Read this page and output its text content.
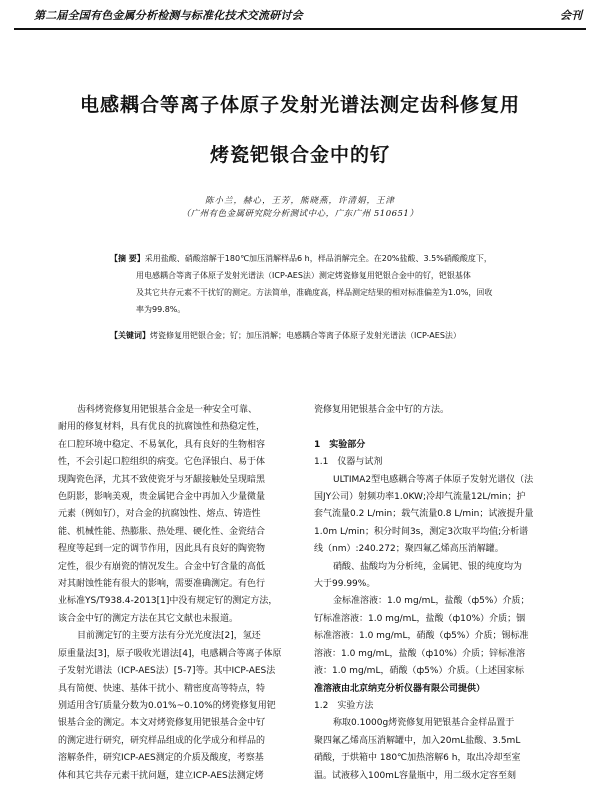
第二届全国有色金属分析检测与标准化技术交流研讨会	会刊
电感耦合等离子体原子发射光谱法测定齿科修复用
烤瓷钯银合金中的钌
陈小兰，赫心，王芳，熊晓燕，许清娟，王津
（广州有色金属研究院分析测试中心，广东广州 510651）
【摘 要】采用盐酸、硝酸溶解于180℃加压消解样品6 h，样品消解完全。在20%盐酸、3.5%硝酸酸度下，
用电感耦合等离子体原子发射光谱法（ICP-AES法）测定烤瓷修复用钯银合金中的钌，钯银基体
及其它共存元素不干扰钌的测定。方法简单，准确度高，样品测定结果的相对标准偏差为1.0%，回收
率为99.8%。
【关键词】烤瓷修复用钯银合金；钌；加压消解；电感耦合等离子体原子发射光谱法（ICP-AES法）

齿科烤瓷修复用钯银基合金是一种安全可靠、

耐用的修复材料，具有优良的抗腐蚀性和热稳定性，

在口腔环境中稳定、不易氧化，具有良好的生物相容

性，不会引起口腔组织的病变。它色泽银白、易于体

现陶瓷色泽，尤其不致使瓷牙与牙龈接触处呈现暗黑

色阴影，影响美观，贵金属钯合金中再加入少量微量

元素（例如钌），对合金的抗腐蚀性、熔点、铸造性

能、机械性能、热膨胀、热处理、硬化性、金瓷结合

程度等起到一定的调节作用，因此具有良好的陶瓷物

定性，很少有崩瓷的情况发生。合金中钌含量的高低

对其耐蚀性能有很大的影响，需要准确测定。有色行

业标准YS/T938.4-2013[1]中没有规定钌的测定方法，

该合金中钌的测定方法在其它文献也未报道。

目前测定钌的主要方法有分光光度法[2]，氢还

原重量法[3]，原子吸收光谱法[4]，电感耦合等离子体原

子发射光谱法（ICP-AES法）[5-7]等。其中ICP-AES法

具有简便、快速、基体干扰小、精密度高等特点，特

别适用含钌质量分数为0.01%~0.10%的烤瓷修复用钯

银基合金的测定。本文对烤瓷修复用钯银基合金中钌

的测定进行研究，研究样品组成的化学成分和样品的

溶解条件，研究ICP-AES测定的介质及酸度，考察基

体和其它共存元素干扰问题，建立ICP-AES法测定烤

瓷修复用钯银基合金中钌的方法。

1　实验部分

1.1　仪器与试剂

ULTIMA2型电感耦合等离子体原子发射光谱仪（法

国JY公司）射频功率1.0KW;冷却气流量12L/min；护

套气流量0.2 L/min；载气流量0.8 L/min；试液提升量

1.0m L/min；积分时间3s，测定3次取平均值;分析谱

线（nm）:240.272；聚四氟乙烯高压消解罐。

硝酸、盐酸均为分析纯，金属钯、银的纯度均为

大于99.99%。

金标准溶液：1.0 mg/mL，盐酸（ф5%）介质；

钌标准溶液：1.0 mg/mL，盐酸（ф10%）介质；铟

标准溶液：1.0 mg/mL，硝酸（ф5%）介质；锡标准

溶液：1.0 mg/mL，盐酸（ф10%）介质；锌标准溶

液：1.0 mg/mL，硝酸（ф5%）介质。（上述国家标

准溶液由北京纳克分析仪器有限公司提供）

1.2　实验方法

称取0.1000g烤瓷修复用钯银基合金样品置于

聚四氟乙烯高压消解罐中，加入20mL盐酸、3.5mL

硝酸，于烘箱中 180℃加热溶解6 h，取出冷却至室

温。试液移入100mL容量瓶中，用二级水定容至刻
